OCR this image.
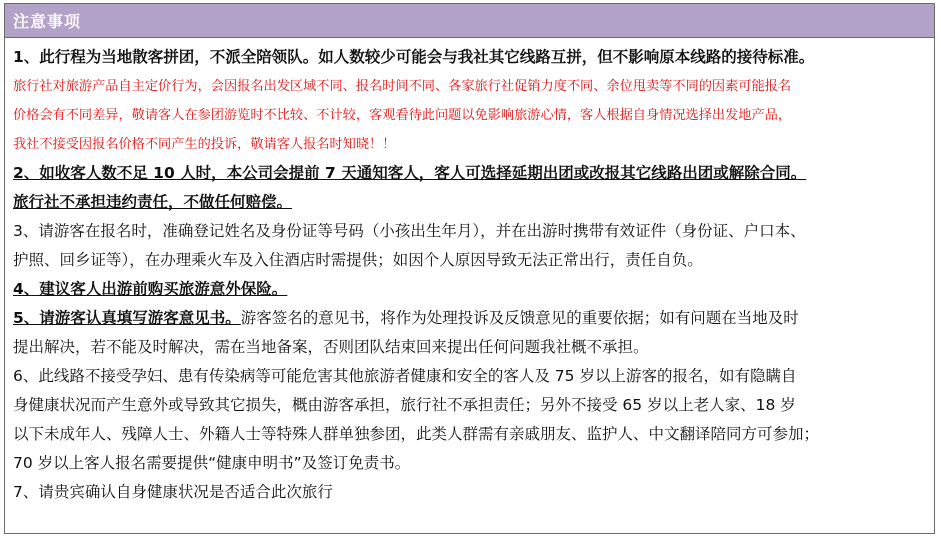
注意事项
1、此行程为当地散客拼团，不派全陪领队。如人数较少可能会与我社其它线路互拼，但不影响原本线路的接待标准。
旅行社对旅游产品自主定价行为，会因报名出发区域不同、报名时间不同、各家旅行社促销力度不同、余位甩卖等不同的因素可能报名
价格会有不同差异，敬请客人在参团游览时不比较、不计较，客观看待此问题以免影响旅游心情，客人根据自身情况选择出发地产品，
我社不接受因报名价格不同产生的投诉，敬请客人报名时知晓！！
2、如收客人数不足 10 人时，本公司会提前 7 天通知客人，客人可选择延期出团或改报其它线路出团或解除合同。
旅行社不承担违约责任，不做任何赔偿。
3、请游客在报名时，准确登记姓名及身份证等号码（小孩出生年月），并在出游时携带有效证件（身份证、户口本、
护照、回乡证等），在办理乘火车及入住酒店时需提供；如因个人原因导致无法正常出行，责任自负。
4、建议客人出游前购买旅游意外保险。
5、请游客认真填写游客意见书。游客签名的意见书，将作为处理投诉及反馈意见的重要依据；如有问题在当地及时
提出解决，若不能及时解决，需在当地备案，否则团队结束回来提出任何问题我社概不承担。
6、此线路不接受孕妇、患有传染病等可能危害其他旅游者健康和安全的客人及 75 岁以上游客的报名，如有隐瞒自
身健康状况而产生意外或导致其它损失，概由游客承担，旅行社不承担责任；另外不接受 65 岁以上老人家、18 岁
以下未成年人、残障人士、外籍人士等特殊人群单独参团，此类人群需有亲戚朋友、监护人、中文翻译陪同方可参加；
70 岁以上客人报名需要提供“健康申明书”及签订免责书。
7、请贵宾确认自身健康状况是否适合此次旅行
